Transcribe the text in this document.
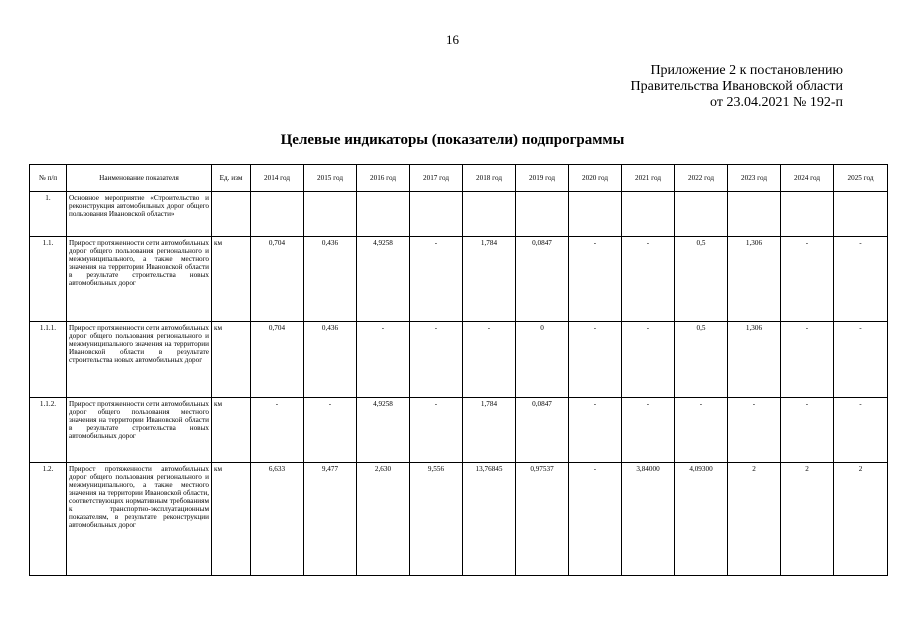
16
Приложение 2 к постановлению
Правительства Ивановской области
от 23.04.2021 № 192-п
Целевые индикаторы (показатели) подпрограммы
№ п/п	Наименование показателя	Ед. изм	2014 год	2015 год	2016 год	2017 год	2018 год	2019 год	2020 год	2021 год	2022 год	2023 год	2024 год	2025 год
1.	Основное мероприятие «Строительство и реконструкция автомобильных дорог общего пользования Ивановской области»													
1.1.	Прирост протяженности сети автомобильных дорог общего пользования регионального и межмуниципального, а также местного значения на территории Ивановской области в результате строительства новых автомобильных дорог	км	0,704	0,436	4,9258	-	1,784	0,0847	-	-	0,5	1,306	-	-
1.1.1.	Прирост протяженности сети автомобильных дорог общего пользования регионального и межмуниципального значения на территории Ивановской области в результате строительства новых автомобильных дорог	км	0,704	0,436	-	-	-	0	-	-	0,5	1,306	-	-
1.1.2.	Прирост протяженности сети автомобильных дорог общего пользования местного значения на территории Ивановской области в результате строительства новых автомобильных дорог	км	-	-	4,9258	-	1,784	0,0847	-	-	-	-	-	-
1.2.	Прирост протяженности автомобильных дорог общего пользования регионального и межмуниципального, а также местного значения на территории Ивановской области, соответствующих нормативным требованиям к транспортно-эксплуатационным показателям, в результате реконструкции автомобильных дорог	км	6,633	9,477	2,630	9,556	13,76845	0,97537	-	3,84000	4,09300	2	2	2
